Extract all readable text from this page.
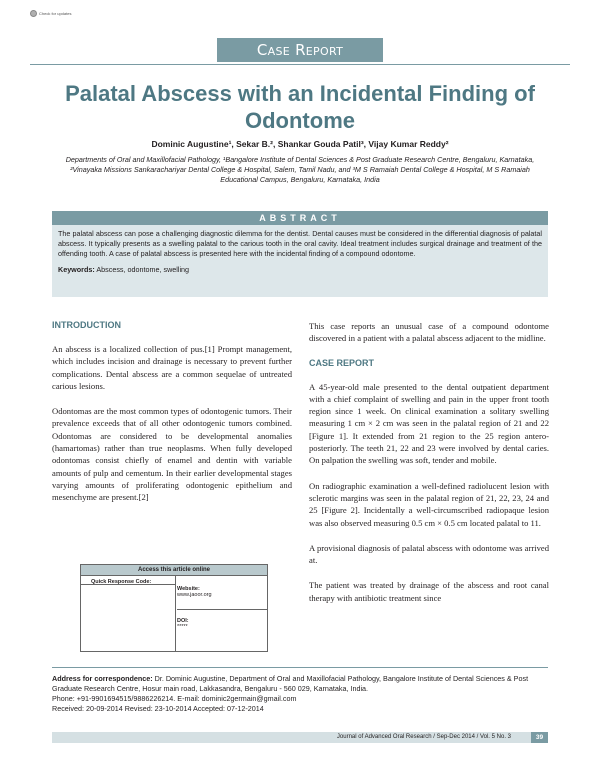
Check for updates
Case Report
Palatal Abscess with an Incidental Finding of Odontome
Dominic Augustine¹, Sekar B.², Shankar Gouda Patil³, Vijay Kumar Reddy²
Departments of Oral and Maxillofacial Pathology, ¹Bangalore Institute of Dental Sciences & Post Graduate Research Centre, Bengaluru, Karnataka, ²Vinayaka Missions Sankarachariyar Dental College & Hospital, Salem, Tamil Nadu, and ³M S Ramaiah Dental College & Hospital, M S Ramaiah Educational Campus, Bengaluru, Karnataka, India
ABSTRACT

The palatal abscess can pose a challenging diagnostic dilemma for the dentist. Dental causes must be considered in the differential diagnosis of palatal abscess. It typically presents as a swelling palatal to the carious tooth in the oral cavity. Ideal treatment includes surgical drainage and treatment of the offending tooth. A case of palatal abscess is presented here with the incidental finding of a compound odontome.

Keywords: Abscess, odontome, swelling

INTRODUCTION

An abscess is a localized collection of pus.[1] Prompt management, which includes incision and drainage is necessary to prevent further complications. Dental abscess are a common sequelae of untreated carious lesions.

Odontomas are the most common types of odontogenic tumors. Their prevalence exceeds that of all other odontogenic tumors combined. Odontomas are considered to be developmental anomalies (hamartomas) rather than true neoplasms. When fully developed odontomas consist chiefly of enamel and dentin with variable amounts of pulp and cementum. In their earlier developmental stages varying amounts of proliferating odontogenic epithelium and mesenchyme are present.[2]

Access this article online
Quick Response Code:
Website:
www.jaoor.org
DOI:
*****

This case reports an unusual case of a compound odontome discovered in a patient with a palatal abscess adjacent to the midline.

CASE REPORT

A 45-year-old male presented to the dental outpatient department with a chief complaint of swelling and pain in the upper front tooth region since 1 week. On clinical examination a solitary swelling measuring 1 cm × 2 cm was seen in the palatal region of 21 and 22 [Figure 1]. It extended from 21 region to the 25 region antero-posteriorly. The teeth 21, 22 and 23 were involved by dental caries. On palpation the swelling was soft, tender and mobile.

On radiographic examination a well-defined radiolucent lesion with sclerotic margins was seen in the palatal region of 21, 22, 23, 24 and 25 [Figure 2]. Incidentally a well-circumscribed radiopaque lesion was also observed measuring 0.5 cm × 0.5 cm located palatal to 11.

A provisional diagnosis of palatal abscess with odontome was arrived at.

The patient was treated by drainage of the abscess and root canal therapy with antibiotic treatment since

Address for correspondence: Dr. Dominic Augustine, Department of Oral and Maxillofacial Pathology, Bangalore Institute of Dental Sciences & Post Graduate Research Centre, Hosur main road, Lakkasandra, Bengaluru - 560 029, Karnataka, India.
Phone: +91-9901694515/9886226214. E-mail: dominic2germain@gmail.com
Received: 20-09-2014 Revised: 23-10-2014 Accepted: 07-12-2014
Journal of Advanced Oral Research / Sep-Dec 2014 / Vol. 5 No. 3	39
